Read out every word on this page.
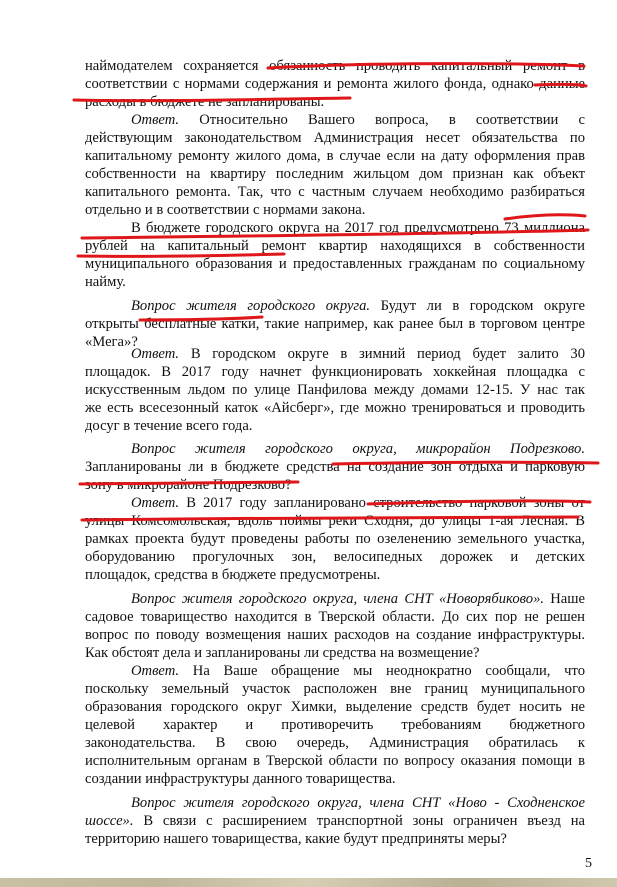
наймодателем сохраняется обязанность проводить капитальный ремонт в
соответствии с нормами содержания и ремонта жилого фонда, однако данные
расходы в бюджете не запланированы.
Ответ. Относительно Вашего вопроса, в соответствии с
действующим законодательством Администрация несет обязательства по
капитальному ремонту жилого дома, в случае если на дату оформления прав
собственности на квартиру последним жильцом дом признан как объект
капитального ремонта. Так, что с частным случаем необходимо разбираться
отдельно и в соответствии с нормами закона.
В бюджете городского округа на 2017 год предусмотрено 73 миллиона
рублей на капитальный ремонт квартир находящихся в собственности
муниципального образования и предоставленных гражданам по социальному
найму.
Вопрос жителя городского округа. Будут ли в городском округе
открыты бесплатные катки, такие например, как ранее был в торговом центре
«Мега»?
Ответ. В городском округе в зимний период будет залито 30
площадок. В 2017 году начнет функционировать хоккейная площадка с
искусственным льдом по улице Панфилова между домами 12-15. У нас так
же есть всесезонный каток «Айсберг», где можно тренироваться и проводить
досуг в течение всего года.
Вопрос жителя городского округа, микрорайон Подрезково.
Запланированы ли в бюджете средства на создание зон отдыха и парковую
зону в микрорайоне Подрезково?
Ответ. В 2017 году запланировано строительство парковой зоны от
улицы Комсомольская, вдоль поймы реки Сходня, до улицы 1-ая Лесная. В
рамках проекта будут проведены работы по озеленению земельного участка,
оборудованию прогулочных зон, велосипедных дорожек и детских
площадок, средства в бюджете предусмотрены.
Вопрос жителя городского округа, члена СНТ «Новорябиково». Наше
садовое товарищество находится в Тверской области. До сих пор не решен
вопрос по поводу возмещения наших расходов на создание инфраструктуры.
Как обстоят дела и запланированы ли средства на возмещение?
Ответ. На Ваше обращение мы неоднократно сообщали, что
поскольку земельный участок расположен вне границ муниципального
образования городского округ Химки, выделение средств будет носить не
целевой характер и противоречить требованиям бюджетного
законодательства. В свою очередь, Администрация обратилась к
исполнительным органам в Тверской области по вопросу оказания помощи в
создании инфраструктуры данного товарищества.
Вопрос жителя городского округа, члена СНТ «Ново - Сходненское
шоссе». В связи с расширением транспортной зоны ограничен въезд на
территорию нашего товарищества, какие будут предприняты меры?
5
